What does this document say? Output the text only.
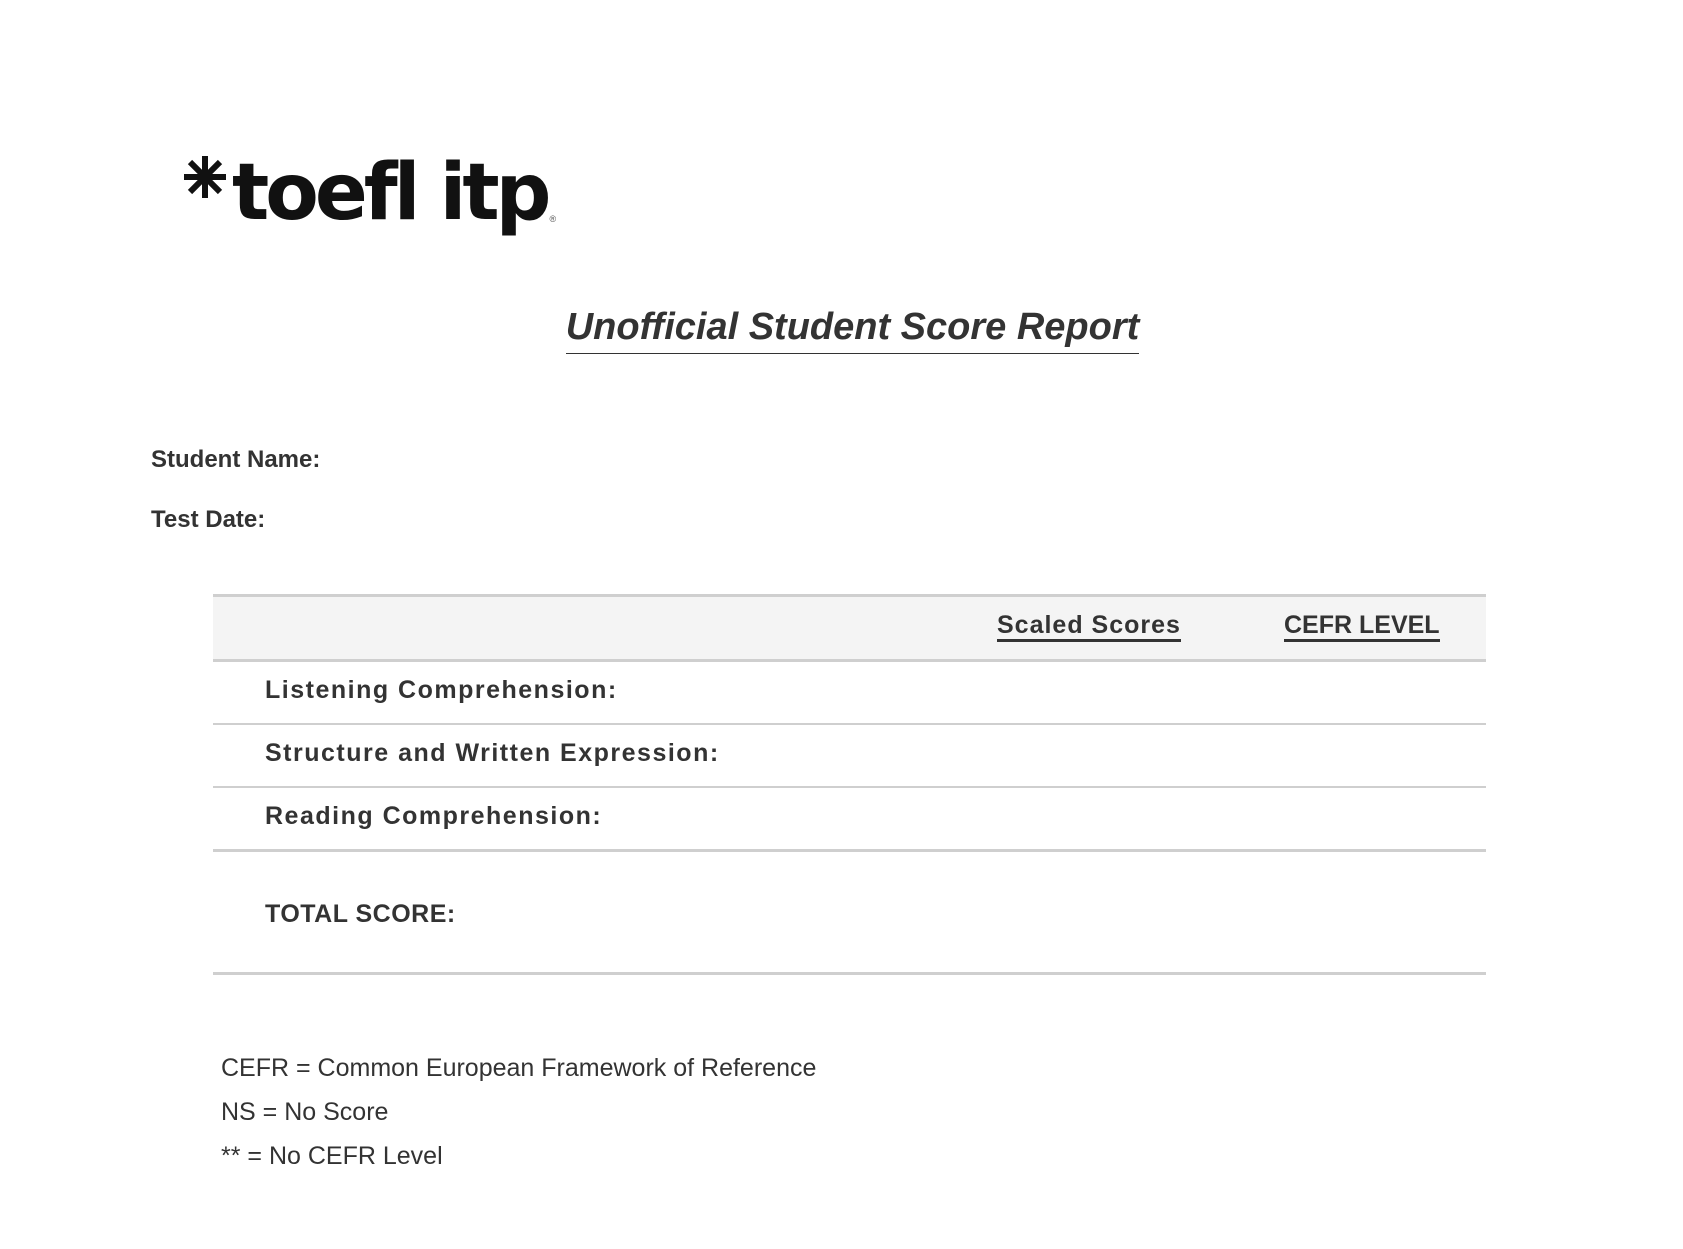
toefl itp ®
Unofficial Student Score Report
Student Name:
Test Date:
Scaled Scores	CEFR LEVEL
Listening Comprehension:
Structure and Written Expression:
Reading Comprehension:
TOTAL SCORE:
CEFR = Common European Framework of Reference
NS = No Score
** = No CEFR Level
